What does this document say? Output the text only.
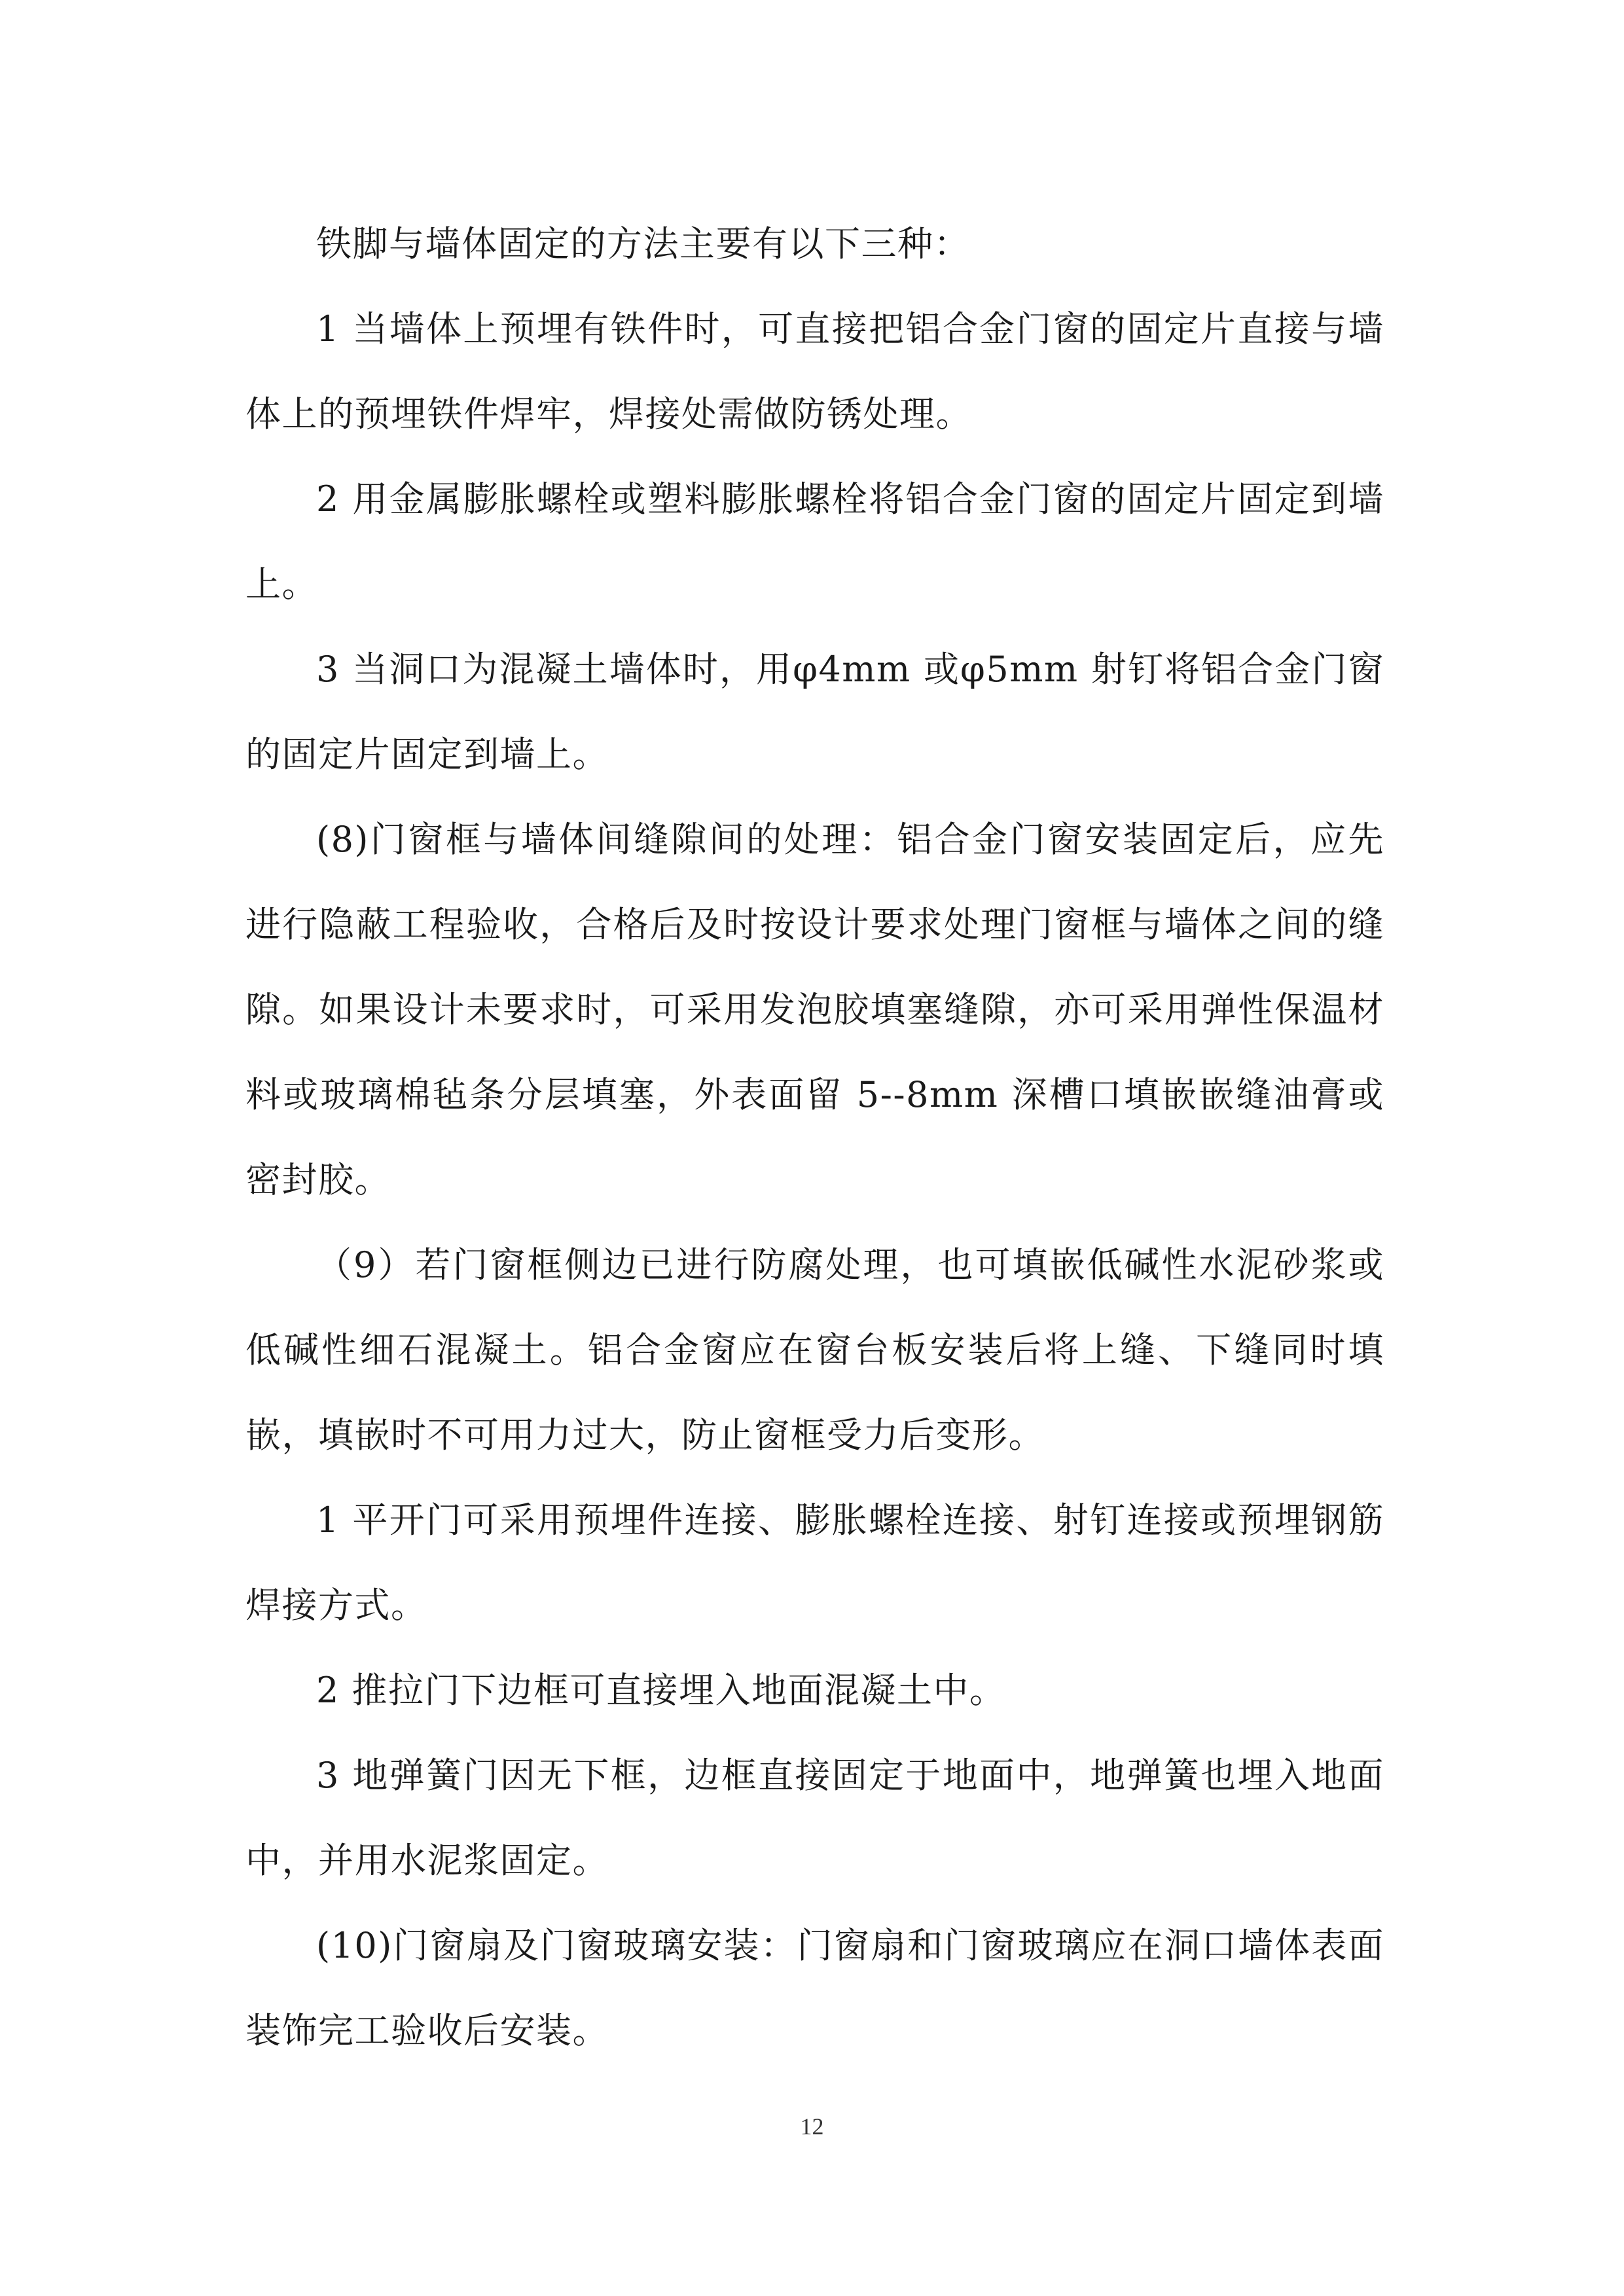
铁脚与墙体固定的方法主要有以下三种：

1 当墙体上预埋有铁件时，可直接把铝合金门窗的固定片直接与墙体上的预埋铁件焊牢，焊接处需做防锈处理。

2 用金属膨胀螺栓或塑料膨胀螺栓将铝合金门窗的固定片固定到墙上。

3 当洞口为混凝土墙体时，用φ4mm 或φ5mm 射钉将铝合金门窗的固定片固定到墙上。

(8)门窗框与墙体间缝隙间的处理：铝合金门窗安装固定后，应先进行隐蔽工程验收，合格后及时按设计要求处理门窗框与墙体之间的缝隙。如果设计未要求时，可采用发泡胶填塞缝隙，亦可采用弹性保温材料或玻璃棉毡条分层填塞，外表面留 5--8mm 深槽口填嵌嵌缝油膏或密封胶。

（9）若门窗框侧边已进行防腐处理，也可填嵌低碱性水泥砂浆或低碱性细石混凝土。铝合金窗应在窗台板安装后将上缝、下缝同时填嵌，填嵌时不可用力过大，防止窗框受力后变形。

1 平开门可采用预埋件连接、膨胀螺栓连接、射钉连接或预埋钢筋焊接方式。

2 推拉门下边框可直接埋入地面混凝土中。

3 地弹簧门因无下框，边框直接固定于地面中，地弹簧也埋入地面中，并用水泥浆固定。

(10)门窗扇及门窗玻璃安装：门窗扇和门窗玻璃应在洞口墙体表面装饰完工验收后安装。

12
